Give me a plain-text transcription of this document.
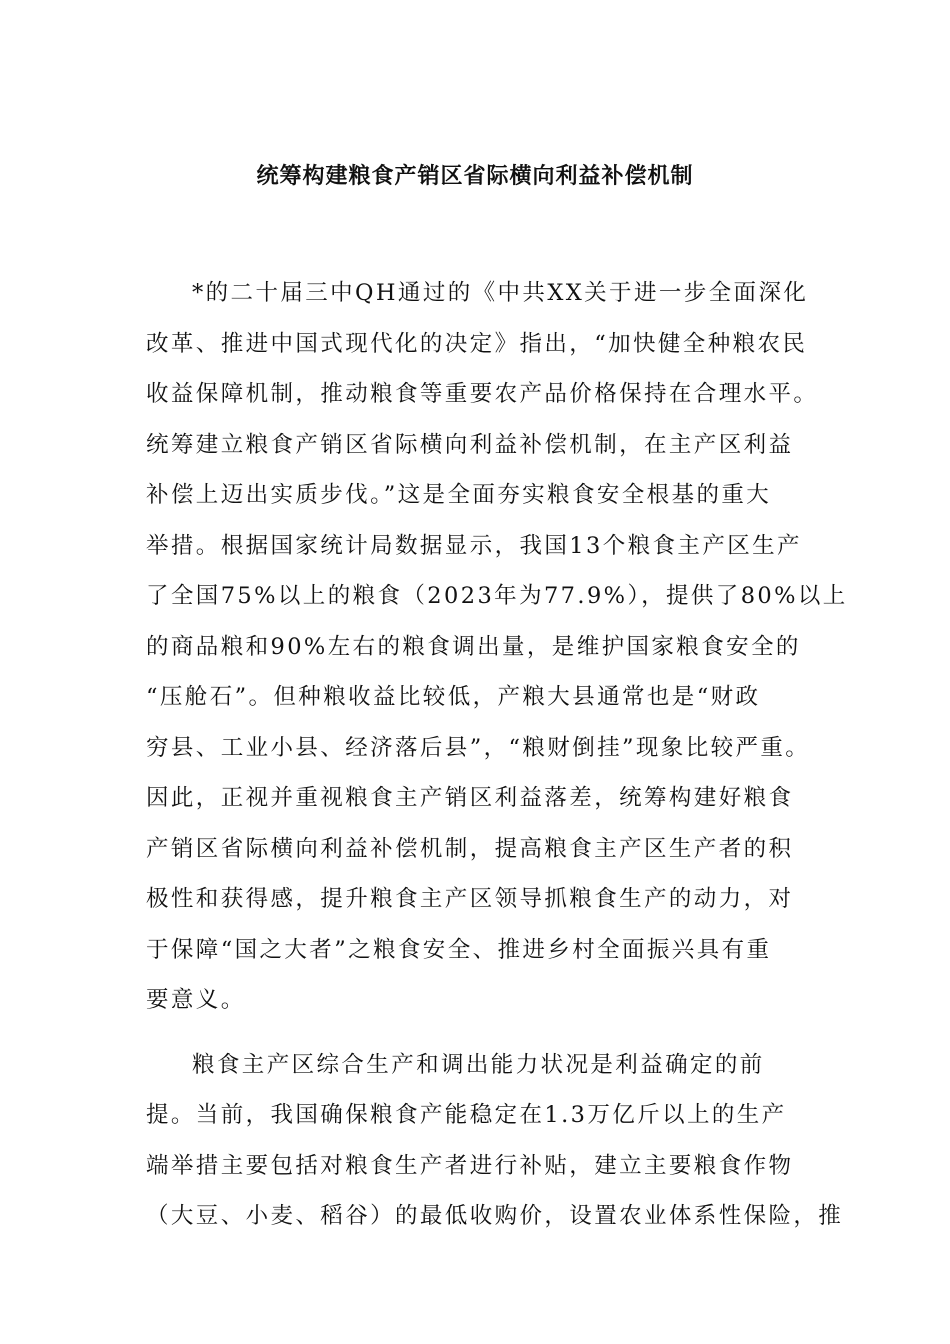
统筹构建粮食产销区省际横向利益补偿机制
*的二十届三中QH通过的《中共XX关于进一步全面深化
改革、推进中国式现代化的决定》指出，“加快健全种粮农民
收益保障机制，推动粮食等重要农产品价格保持在合理水平。
统筹建立粮食产销区省际横向利益补偿机制，在主产区利益
补偿上迈出实质步伐。”这是全面夯实粮食安全根基的重大
举措。根据国家统计局数据显示，我国13个粮食主产区生产
了全国75%以上的粮食（2023年为77.9%），提供了80%以上
的商品粮和90%左右的粮食调出量，是维护国家粮食安全的
“压舱石”。但种粮收益比较低，产粮大县通常也是“财政
穷县、工业小县、经济落后县”，“粮财倒挂”现象比较严重。
因此，正视并重视粮食主产销区利益落差，统筹构建好粮食
产销区省际横向利益补偿机制，提高粮食主产区生产者的积
极性和获得感，提升粮食主产区领导抓粮食生产的动力，对
于保障“国之大者”之粮食安全、推进乡村全面振兴具有重
要意义。
粮食主产区综合生产和调出能力状况是利益确定的前
提。当前，我国确保粮食产能稳定在1.3万亿斤以上的生产
端举措主要包括对粮食生产者进行补贴，建立主要粮食作物
（大豆、小麦、稻谷）的最低收购价，设置农业体系性保险，推
